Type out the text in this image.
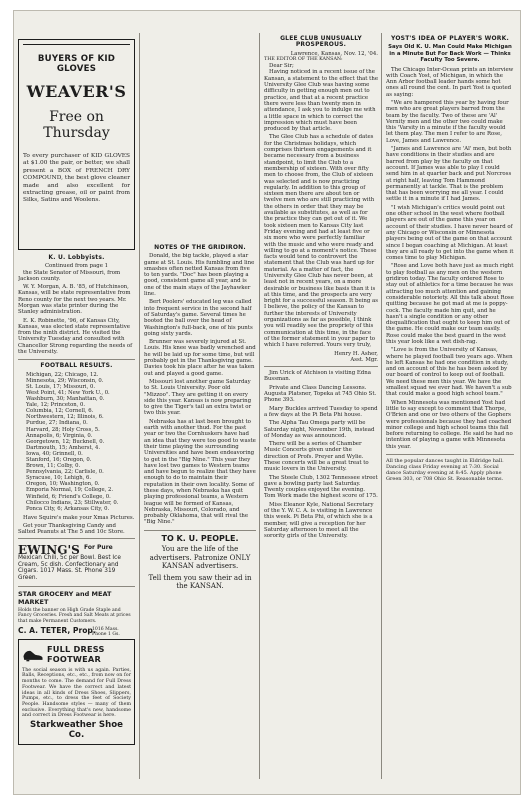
BUYERS OF KID GLOVES
WEAVER'S
Free on Thursday
To every purchaser of KID GLOVES at $1.00 the pair, or better, we shall present a BOX of FRENCH DRY COMPOUND, the best glove cleaner made and also excellent for extracting grease, oil or paint from Silks, Satins and Woolens.
K. U. Lobbyists.
Continued from page 1

the State Senator of Missouri, from Jackson county.

W. Y. Morgan, A. B. '85, of Hutchinson, Kansas, will be state representative from Reno county for the next two years. Mr. Morgan was state printer during the Stanley administration.

E. K. Robinette, '96, of Kansas City, Kansas, was elected state representative from the ninth district. He visited the University Tuesday and consulted with Chancellor Strong regarding the needs of the University.

FOOTBALL RESULTS.
Michigan, 22; Chicago, 12.
Minnesota, 29; Wisconsin, 0.
St. Louis, 17; Missouri, 0.
West Point, 41; New York U., 0.
Washburn, 30; Manhattan, 0.
Yale, 12; Princeton, 0.
Columbia, 12; Cornell, 6.
Northwestern, 12; Illinois, 6.
Purdue, 27; Indiana, 0.
Harvard, 28; Holy Cross, 5.
Annapolis, 6; Virginia, 0.
Georgetown, 12; Bucknell, 0.
Dartmouth, 15; Amherst, 4.
Iowa, 40; Grinnell, 0.
Stanford, 16; Oregon, 0.
Brown, 11; Colby, 0.
Pennsylvania, 22; Carlisle, 0.
Syracuse, 10; Lehigh, 6.
Oregon, 10; Washington, 0.
Emporia Normal, 19; College, 2.
Winfield, 6; Friend's College, 0.
Chilocco Indians, 23; Stillwater, 0.
Ponca City, 6; Arkansas City, 0.

Have Squire's make your Xmas Pictures.

Get your Thanksgiving Candy and Salted Peanuts at The 5 and 10c Store.

EWING'S For Pure
Mexican Chili, 5c per Bowl. Best Ice Cream, 5c dish. Confectionary and Cigars. 1017 Mass. St. Phone 319 Green.
STAR GROCERY and MEAT MARKET
Holds the banner on High Grade Staple and Fancy Groceries. Fresh and Salt Meats at prices that make Permanent Customers.
C. A. TETER, Prop.
1016 Mass. Phone 1 Gs.
FULL DRESS FOOTWEAR
The social season is with us again. Parties, Balls, Receptions, etc., etc., from now on for months to come. The demand for Full Dress Footwear. We have the correct and latest ideas in all kinds of Dress Shoes, Slippers, Pumps, etc., to dress the feet of Society People. Handsome styles — many of them exclusive. Everything that's new, handsome and correct in Dress Footwear is here.
Starkweather Shoe Co.
NOTES OF THE GRIDIRON.

Donald, the big tackle, played a star game at St. Louis. His fumbling and line smashes often netted Kansas from five to ten yards. "Doc" has been playing a good, consistent game all year, and is one of the main stays of the Jayhawker line.

Bert Poolers' educated leg was called into frequent service in the second half of Saturday's game. Several times he booted the ball over the head of Washington's full-back, one of his punts going sixty yards.

Brunner was severely injured at St. Louis. His knee was badly wrenched and he will be laid up for some time, but will probably get in the Thanksgiving game. Davies took his place after he was taken out and played a good game.

Missouri lost another game Saturday to St. Louis University. Poor old "Mizzoo". They are getting it on every side this year. Kansas is now preparing to give the Tiger's tail an extra twist or two this year.

Nebraska has at last been brought to earth with another thud. For the past year or two the Cornhuskers have had an idea that they were too good to waste their time playing the surrounding Universities and have been endeavoring to get in the "Big Nine." This year they have lost two games to Western teams and have begun to realize that they have enough to do to maintain their reputation in their own locality. Some of these days, when Nebraska has quit playing professional teams, a Western league will be formed of Kansas, Nebraska, Missouri, Colorado, and probably Oklahoma, that will rival the "Big Nine."

TO K. U. PEOPLE.
You are the life of the advertisers. Patronize ONLY KANSAN advertisers.
Tell them you saw their ad in the KANSAN.
GLEE CLUB UNUSUALLY PROSPEROUS.
Lawrence, Kansas, Nov. 12, '04.
THE EDITOR OF THE KANSAN:
Dear Sir;

Having noticed in a recent issue of the Kansan, a statement to the effect that the University Glee Club was having some difficulty in getting enough men out to practice, and that at a recent practice there were less than twenty men in attendance, I ask you to indulge me with a little space in which to correct the impression which must have been produced by that article.

The Glee Club has a schedule of dates for the Christmas holidays, which comprises thirteen engagements and it became necessary from a business standpoint, to limit the Club to a membership of sixteen. With over fifty men to choose from, the Club of sixteen was selected and is now practicing regularly. In addition to this group of sixteen men there are about ten or twelve men who are still practicing with the others in order that they may be available as substitutes, as well as for the practice they can get out of it. We took sixteen men to Kansas City last Friday evening and had at least five or six more who were perfectly familiar with the music and who were ready and willing to go at a moment's notice. These facts would tend to controvert the statement that the Club was hard up for material. As a matter of fact, the University Glee Club has never been, at least not in recent years, on a more desirable or business like basis than it is at this time, and the prospects are very bright for a successful season. It being as I believe, the policy of the Kansan to further the interests of University organizations as far as possible, I think you will readily see the propriety of this communication at this time, in the face of the former statement in your paper to which I have referred. Yours very truly,

Henry H. Asher,
Asst. Mgr.

Jim Urick of Atchison is visiting Edna Bussman.

Private and Class Dancing Lessons. Augusta Platsner, Topeka at 745 Ohio St. Phone 393.

Mary Buckles arrived Tuesday to spend a few days at the Pi Beta Phi house.

The Alpha Tau Omega party will be Saturday night, November 19th, instead of Monday as was announced.

There will be a series of Chamber Music Concerts given under the direction of Profs. Preyer and Wylie. These concerts will be a great treat to music lovers in the University.

The Steele Club, 1302 Tennessee street gave a bowling party last Saturday. Twenty couples enjoyed the evening. Tom Work made the highest score of 175.

Miss Eleanor Kyle, National Secretary of the Y. W. C. A. is visiting in Lawrence this week. Pi Beta Phi, of which she is a member, will give a reception for her Saturday afternoon to meet all the sorority girls of the University.

YOST'S IDEA OF PLAYER'S WORK.
Says Old K. U. Man Could Make Michigan in a Minute But For Back Work — Thinks Faculty Too Severe.

The Chicago Inter-Ocean prints an interview with Coach Yost, of Michigan, in which the Ann Arbor football leader hands some hot ones all round the cent. In part Yost is quoted as saying:

"We are hampered this year by having four men who are great players barred from the team by the faculty. Two of these are 'Al' Vernity men and the other two could make this 'Varsity in a minute if the faculty would let them play. The men I refer to are Rose, Love, James and Lawrence.

"James and Lawrence are 'Al' men, but both have conditions in their studies and are barred from play by the faculty on that account. If James was able to play I could send him in at quarter back and put Norcross at right half, leaving Tom Hammond permanently at tackle. That is the problem that has been worrying me all year. I could settle it in a minute if I had James.

"I wish Michigan's critics would point out one other school in the west where football players are out of the game this year on account of their studies. I have never heard of any Chicago or Wisconsin or Minnesota players being out of the game on that account since I began coaching at Michigan. At least they are all ready to get into the game when it comes time to play Michigan.

"Rose and Love both have just as much right to play football as any men on the western gridiron today. The faculty ordered Rose to stay out of athletics for a time because he was attracting too much attention and gaining considerable notoriety. All this talk about Rose quitting because he got mad at me is poppy-cock. The faculty made him quit, and he hasn't a single condition or any other disqualification that ought to keep him out of the game. He could make our team easily. Rose could make the best guard in the west this year look like a wet dish-rag.

"Love is from the University of Kansas, where he played football two years ago. When he left Kansas he had one condition in study, and on account of this he has been asked by our board of control to keep out of football. We need these men this year. We have the smallest squad we ever had. We haven't a sub that could make a good high school team."

When Minnesota was mentioned Yost had little to say except to comment that Thorpe, O'Brien and one or two others of the Gophers were professionals because they had coached minor college and high school teams this fall before returning to college. He said he had no intention of playing a game with Minnesota this year.

All the popular dances taught in Eldridge hall. Dancing class Friday evening at 7:30. Social dance Saturday evening at 8:45. Apply phone Green 303, or 708 Ohio St. Reasonable terms.
